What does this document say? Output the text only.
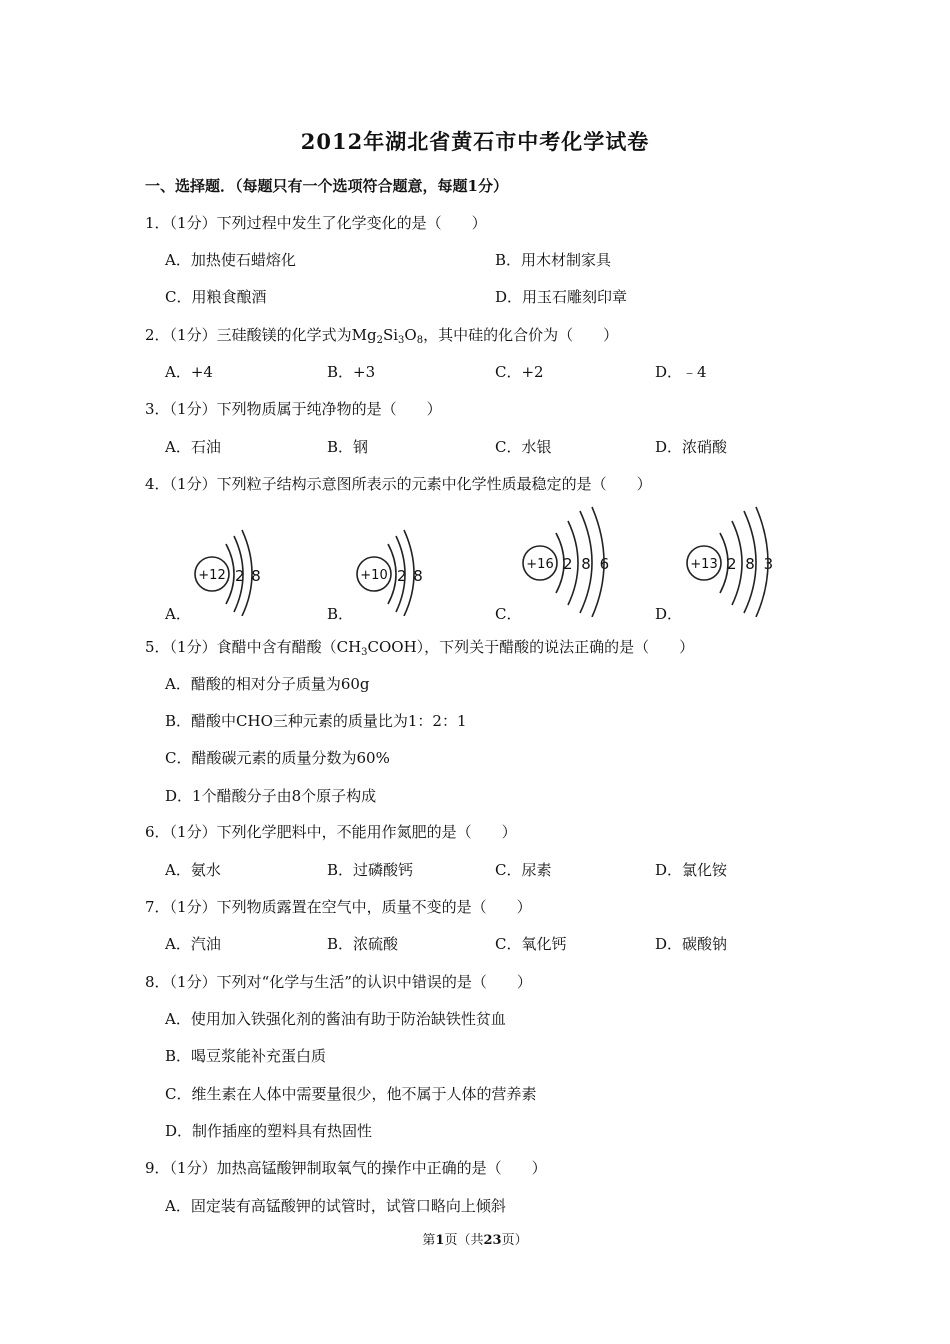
2012年湖北省黄石市中考化学试卷
一、选择题．（每题只有一个选项符合题意，每题1分）
1．（1分）下列过程中发生了化学变化的是（　　）
A．加热使石蜡熔化	B．用木材制家具
C．用粮食酿酒	D．用玉石雕刻印章
2．（1分）三硅酸镁的化学式为$Mg_2Si_3O_8$，其中硅的化合价为（　　）
A．+4	B．+3	C．+2	D．﹣4
3．（1分）下列物质属于纯净物的是（　　）
A．石油	B．钢	C．水银	D．浓硝酸
4．（1分）下列粒子结构示意图所表示的元素中化学性质最稳定的是（　　）
+12 2 8	+10 2 8
+16 2 8 6	+13 2 8 3
A．	B．	C．	D．
5．（1分）食醋中含有醋酸$(CH_3COOH)$，下列关于醋酸的说法正确的是（　　）
A．醋酸的相对分子质量为60g
B．醋酸中CHO三种元素的质量比为1：2：1
C．醋酸碳元素的质量分数为60%
D．1个醋酸分子由8个原子构成
6．（1分）下列化学肥料中，不能用作氮肥的是（　　）
A．氨水	B．过磷酸钙	C．尿素	D．氯化铵
7．（1分）下列物质露置在空气中，质量不变的是（　　）
A．汽油	B．浓硫酸	C．氧化钙	D．碳酸钠
8．（1分）下列对“化学与生活”的认识中错误的是（　　）
A．使用加入铁强化剂的酱油有助于防治缺铁性贫血
B．喝豆浆能补充蛋白质
C．维生素在人体中需要量很少，他不属于人体的营养素
D．制作插座的塑料具有热固性
9．（1分）加热高锰酸钾制取氧气的操作中正确的是（　　）
A．固定装有高锰酸钾的试管时，试管口略向上倾斜
第1页（共23页）
